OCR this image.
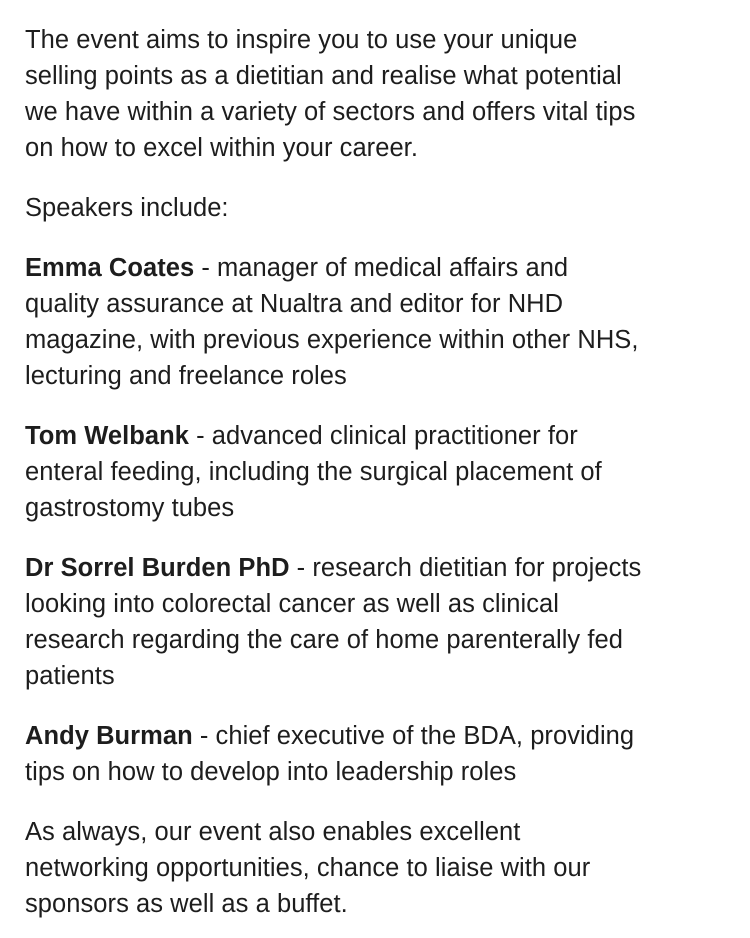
The event aims to inspire you to use your unique
selling points as a dietitian and realise what potential
we have within a variety of sectors and offers vital tips
on how to excel within your career.

Speakers include:

Emma Coates - manager of medical affairs and
quality assurance at Nualtra and editor for NHD
magazine, with previous experience within other NHS,
lecturing and freelance roles

Tom Welbank - advanced clinical practitioner for
enteral feeding, including the surgical placement of
gastrostomy tubes

Dr Sorrel Burden PhD - research dietitian for projects
looking into colorectal cancer as well as clinical
research regarding the care of home parenterally fed
patients

Andy Burman - chief executive of the BDA, providing
tips on how to develop into leadership roles

As always, our event also enables excellent
networking opportunities, chance to liaise with our
sponsors as well as a buffet.
